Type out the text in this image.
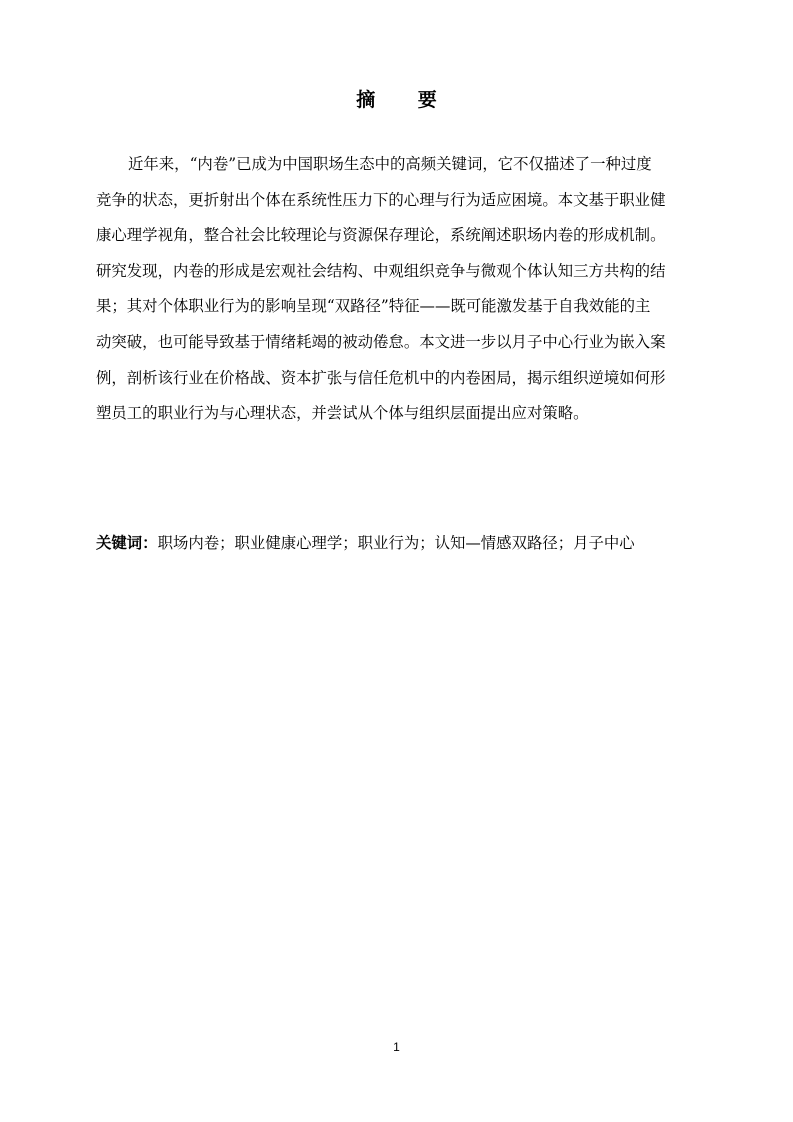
摘 要
近年来，“内卷”已成为中国职场生态中的高频关键词，它不仅描述了一种过度
竞争的状态，更折射出个体在系统性压力下的心理与行为适应困境。本文基于职业健
康心理学视角，整合社会比较理论与资源保存理论，系统阐述职场内卷的形成机制。
研究发现，内卷的形成是宏观社会结构、中观组织竞争与微观个体认知三方共构的结
果；其对个体职业行为的影响呈现“双路径”特征——既可能激发基于自我效能的主
动突破，也可能导致基于情绪耗竭的被动倦怠。本文进一步以月子中心行业为嵌入案
例，剖析该行业在价格战、资本扩张与信任危机中的内卷困局，揭示组织逆境如何形
塑员工的职业行为与心理状态，并尝试从个体与组织层面提出应对策略。
关键词：职场内卷；职业健康心理学；职业行为；认知—情感双路径；月子中心
1
